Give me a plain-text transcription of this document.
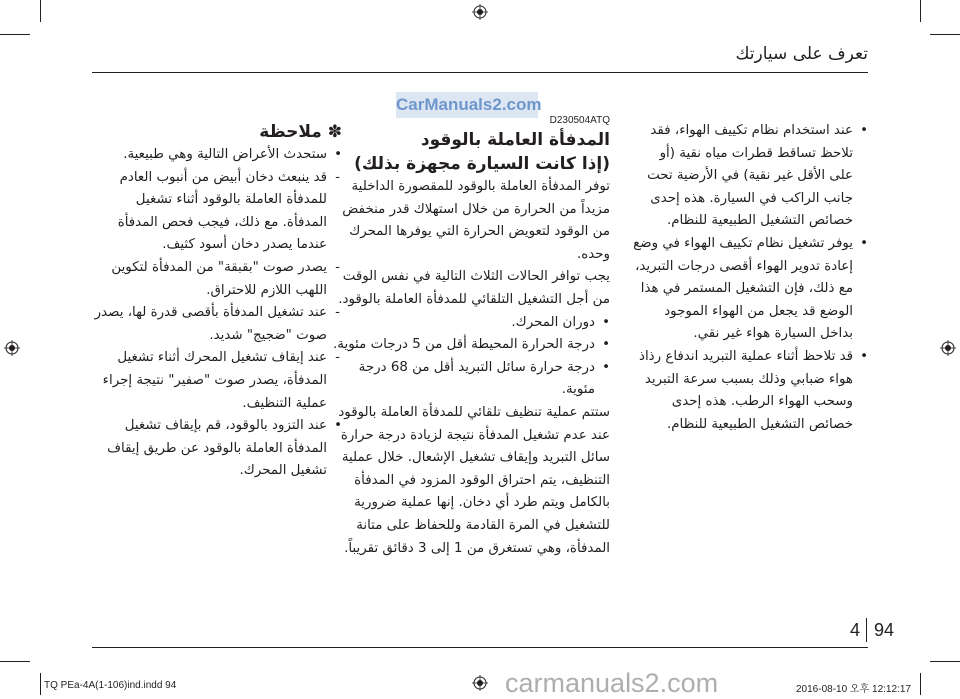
تعرف على سيارتك
CarManuals2.com

• عند استخدام نظام تكييف الهواء، فقد تلاحظ تساقط قطرات مياه نقية (أو على الأقل غير نقية) في الأرضية تحت جانب الراكب في السيارة. هذه إحدى خصائص التشغيل الطبيعية للنظام.

• يوفر تشغيل نظام تكييف الهواء في وضع إعادة تدوير الهواء أقصى درجات التبريد، مع ذلك، فإن التشغيل المستمر في هذا الوضع قد يجعل من الهواء الموجود بداخل السيارة هواء غير نقي.

• قد تلاحظ أثناء عملية التبريد اندفاع رذاذ هواء ضبابي وذلك بسبب سرعة التبريد وسحب الهواء الرطب. هذه إحدى خصائص التشغيل الطبيعية للنظام.

D230504ATQ

المدفأة العاملة بالوقود

(إذا كانت السيارة مجهزة بذلك)

توفر المدفأة العاملة بالوقود للمقصورة الداخلية مزيداً من الحرارة من خلال استهلاك قدر منخفض من الوقود لتعويض الحرارة التي يوفرها المحرك وحده.

يجب توافر الحالات الثلاث التالية في نفس الوقت من أجل التشغيل التلقائي للمدفأة العاملة بالوقود.

• دوران المحرك.

• درجة الحرارة المحيطة أقل من 5 درجات مئوية.

• درجة حرارة سائل التبريد أقل من 68 درجة مئوية.

ستتم عملية تنظيف تلقائي للمدفأة العاملة بالوقود عند عدم تشغيل المدفأة نتيجة لزيادة درجة حرارة سائل التبريد وإيقاف تشغيل الإشعال. خلال عملية التنظيف، يتم احتراق الوقود المزود في المدفأة بالكامل ويتم طرد أي دخان. إنها عملية ضرورية للتشغيل في المرة القادمة وللحفاظ على متانة المدفأة، وهي تستغرق من 1 إلى 3 دقائق تقريباً.

✽ ملاحظة

• ستحدث الأعراض التالية وهي طبيعية.

- قد ينبعث دخان أبيض من أنبوب العادم للمدفأة العاملة بالوقود أثناء تشغيل المدفأة. مع ذلك، فيجب فحص المدفأة عندما يصدر دخان أسود كثيف.

- يصدر صوت "بقبقة" من المدفأة لتكوين اللهب اللازم للاحتراق.

- عند تشغيل المدفأة بأقصى قدرة لها، يصدر صوت "ضجيج" شديد.

- عند إيقاف تشغيل المحرك أثناء تشغيل المدفأة، يصدر صوت "صفير" نتيجة إجراء عملية التنظيف.

• عند التزود بالوقود، قم بإيقاف تشغيل المدفأة العاملة بالوقود عن طريق إيقاف تشغيل المحرك.

4 94
TQ PEa-4A(1-106)ind.indd 94	2016-08-10 오후 12:12:17
carmanuals2.com
